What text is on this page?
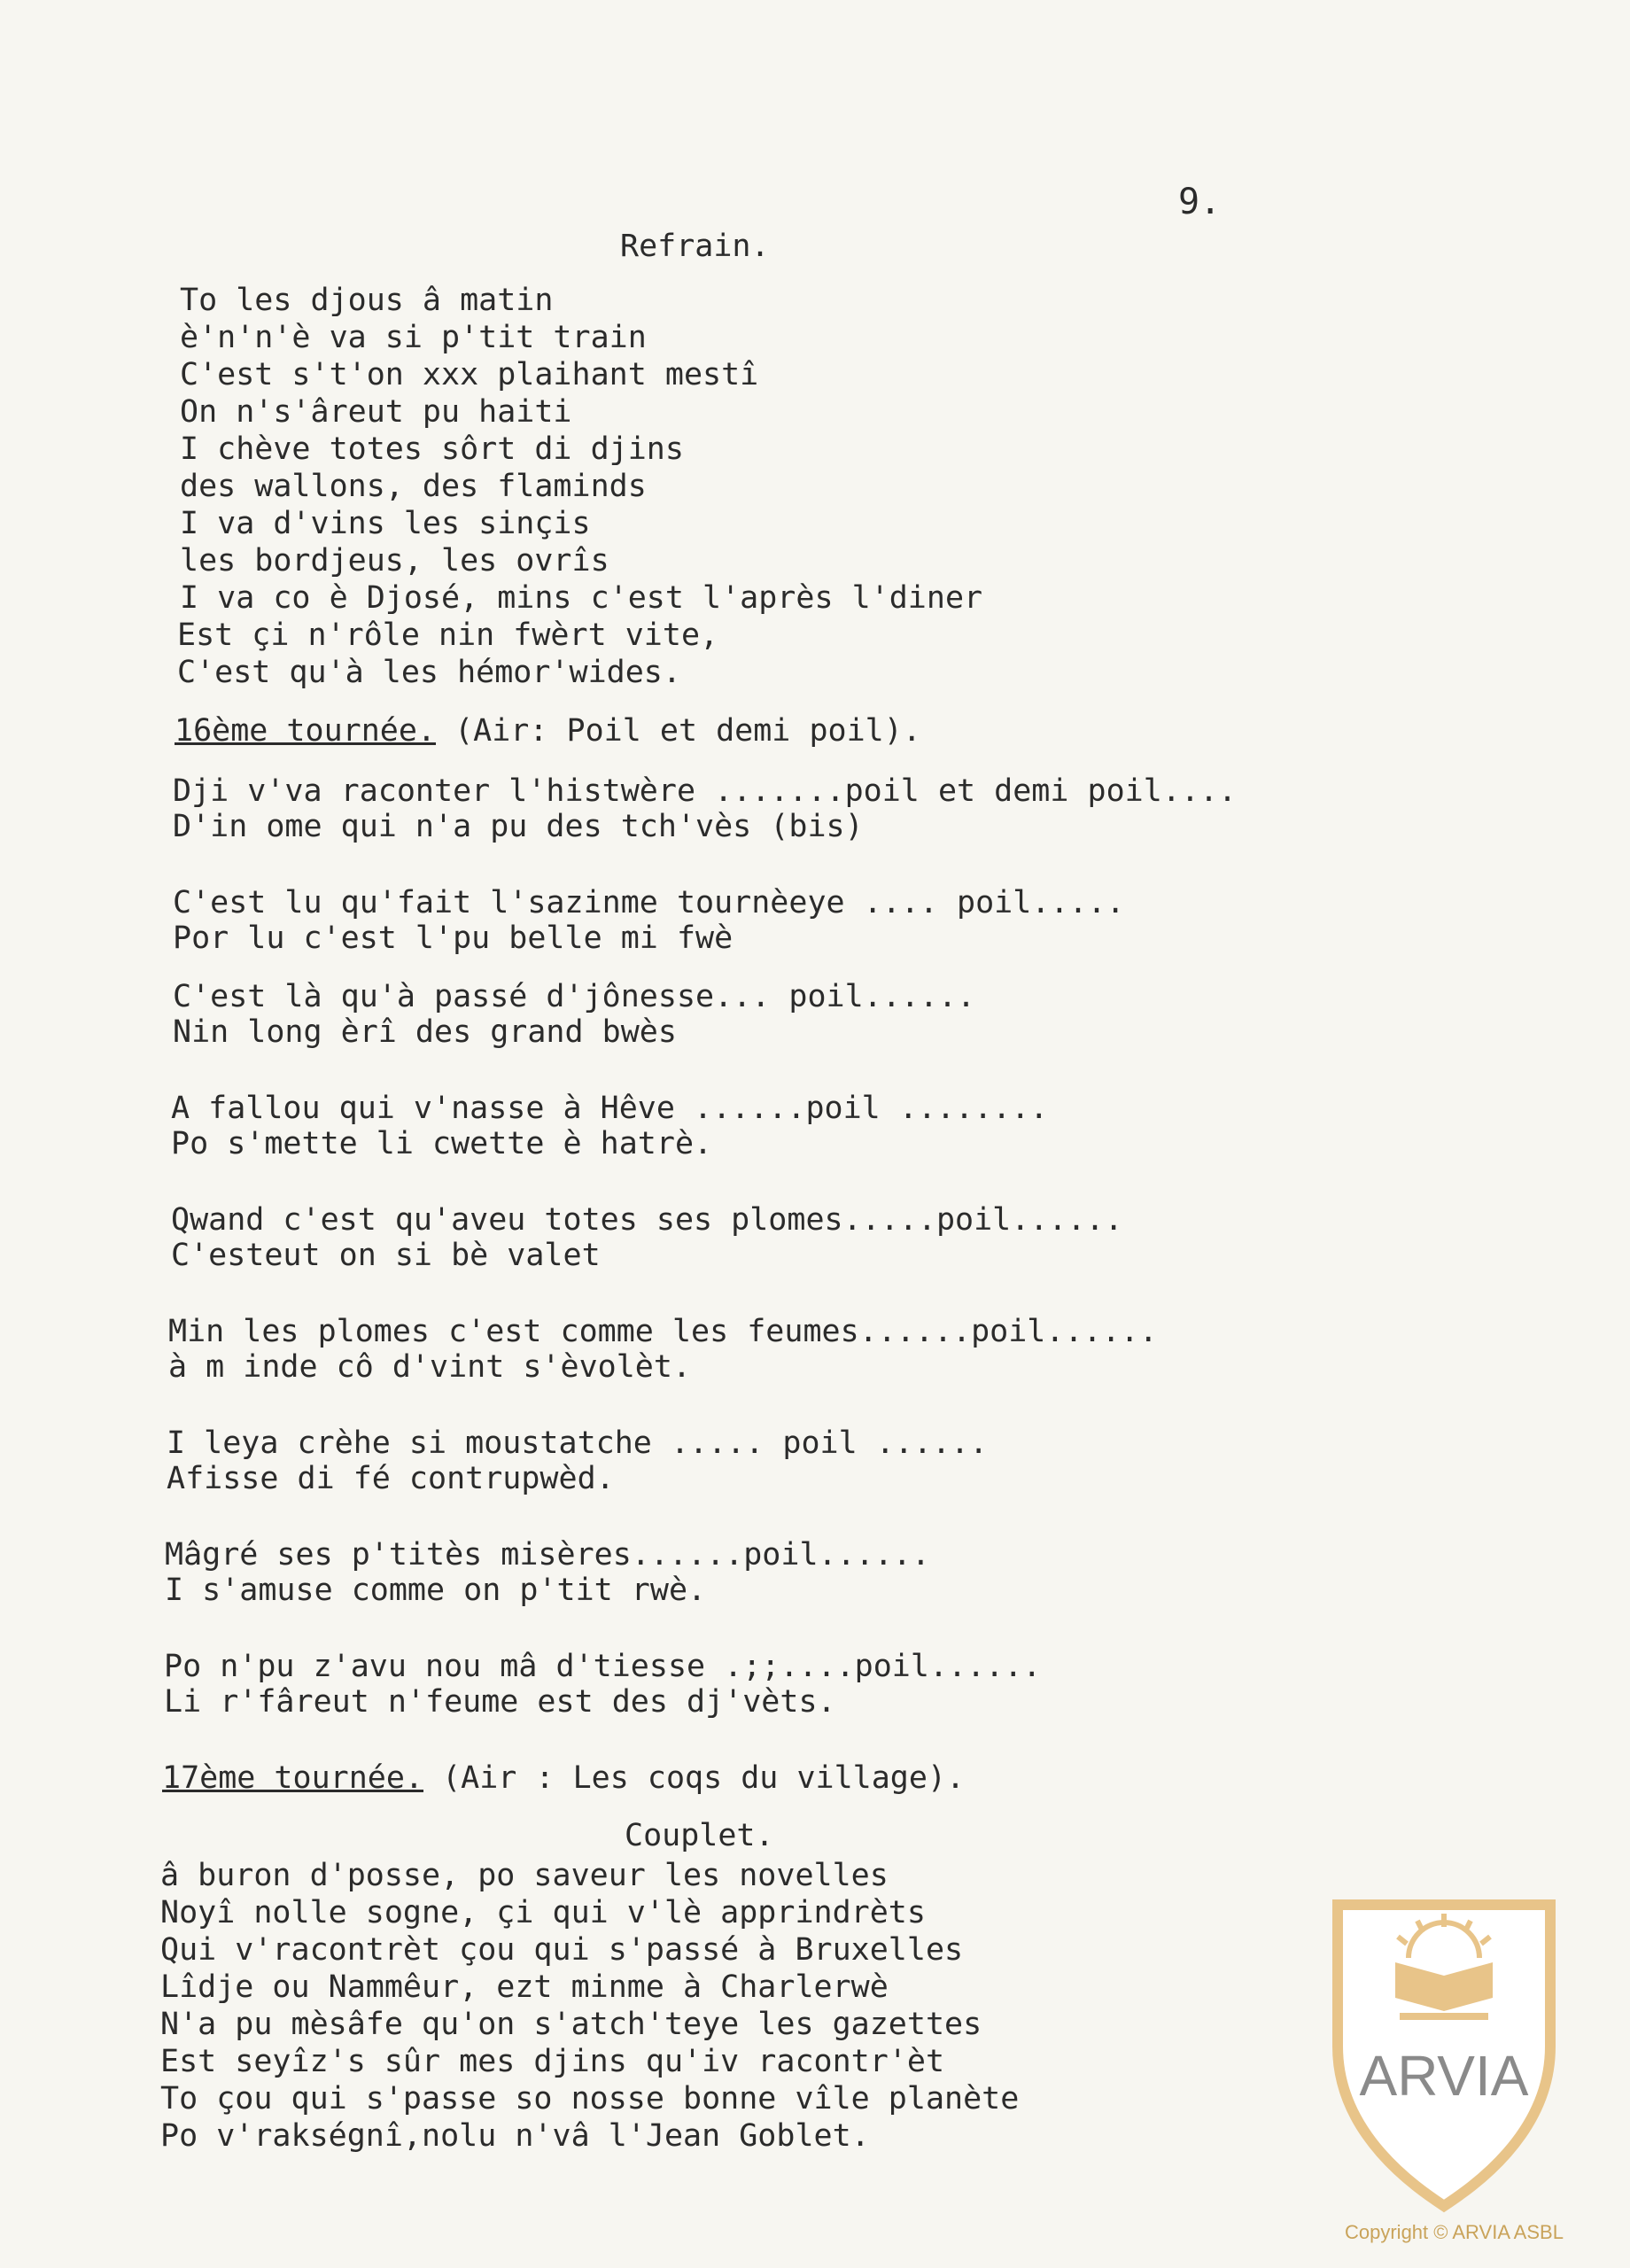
9.
Refrain.
To les djous â matin
è'n'n'è va si p'tit train
C'est s't'on xxx plaihant mestî
On n's'âreut pu haiti
I chève totes sôrt di djins
des wallons, des flaminds
I va d'vins les sinçis
les bordjeus, les ovrîs
I va co è Djosé, mins c'est l'après l'diner
Est çi n'rôle nin fwèrt vite,
C'est qu'à les hémor'wides.
16ème tournée. (Air: Poil et demi poil).
Dji v'va raconter l'histwère .......poil et demi poil....
D'in ome qui n'a pu des tch'vès (bis)
C'est lu qu'fait l'sazinme tournèeye .... poil.....
Por lu c'est l'pu belle mi fwè
C'est là qu'à passé d'jônesse... poil......
Nin long èrî des grand bwès
A fallou qui v'nasse à Hêve ......poil ........
Po s'mette li cwette è hatrè.
Qwand c'est qu'aveu totes ses plomes.....poil......
C'esteut on si bè valet
Min les plomes c'est comme les feumes......poil......
à m inde cô d'vint s'èvolèt.
I leya crèhe si moustatche ..... poil ......
Afisse di fé contrupwèd.
Mâgré ses p'titès misères......poil......
I s'amuse comme on p'tit rwè.
Po n'pu z'avu nou mâ d'tiesse .;;....poil......
Li r'fâreut n'feume est des dj'vèts.
17ème tournée. (Air : Les coqs du village).
Couplet.
â buron d'posse, po saveur les novelles
Noyî nolle sogne, çi qui v'lè apprindrèts
Qui v'racontrèt çou qui s'passé à Bruxelles
Lîdje ou Nammêur, ezt minme à Charlerwè
N'a pu mèsâfe qu'on s'atch'teye les gazettes
Est seyîz's sûr mes djins qu'iv racontr'èt
To çou qui s'passe so nosse bonne vîle planète
Po v'rakségnî,nolu n'vâ l'Jean Goblet.
ARVIA
Copyright © ARVIA ASBL
